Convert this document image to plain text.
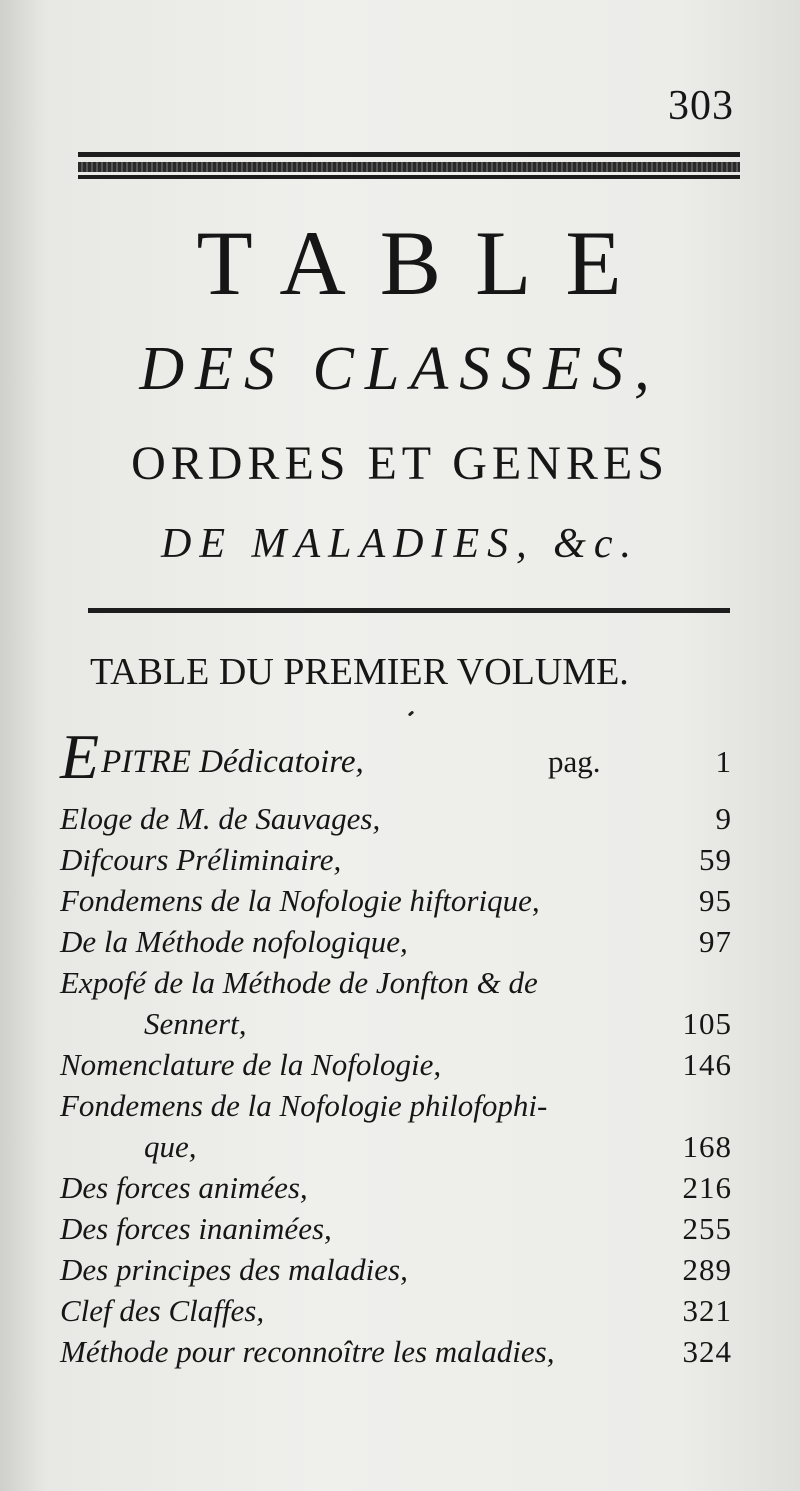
303
TABLE
DES CLASSES,
ORDRES ET GENRES
DE MALADIES, &c.
TABLE DU PREMIER VOLUME.
EPITRE Dédicatoire,	pag.	1
Eloge de M. de Sauvages,	9
Difcours Préliminaire,	59
Fondemens de la Nofologie hiftorique,	95
De la Méthode nofologique,	97
Expofé de la Méthode de Jonfton & de
Sennert,	105
Nomenclature de la Nofologie,	146
Fondemens de la Nofologie philofophi-
que,	168
Des forces animées,	216
Des forces inanimées,	255
Des principes des maladies,	289
Clef des Claffes,	321
Méthode pour reconnoître les maladies,	324
